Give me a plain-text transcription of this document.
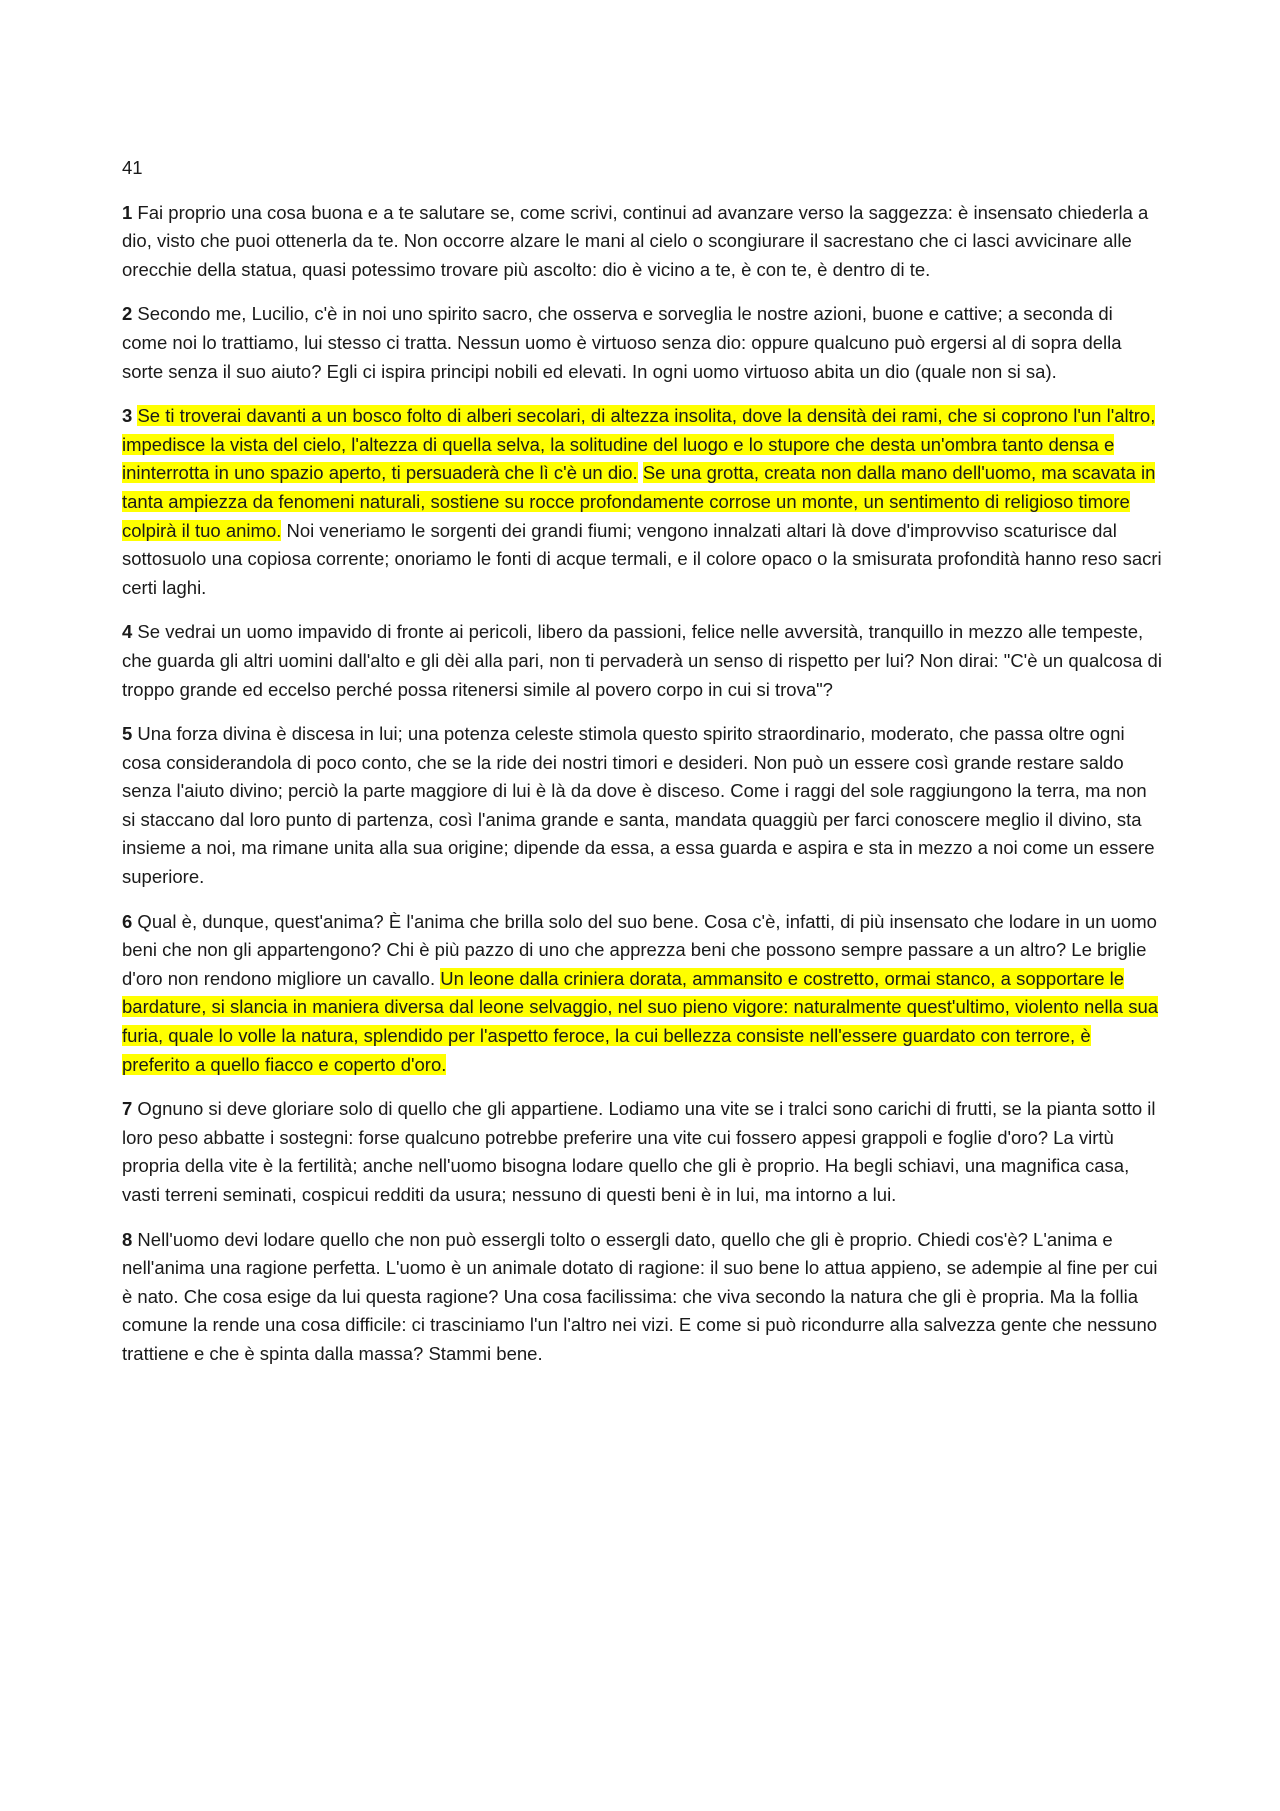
41

1 Fai proprio una cosa buona e a te salutare se, come scrivi, continui ad avanzare verso la saggezza: è insensato chiederla a dio, visto che puoi ottenerla da te. Non occorre alzare le mani al cielo o scongiurare il sacrestano che ci lasci avvicinare alle orecchie della statua, quasi potessimo trovare più ascolto: dio è vicino a te, è con te, è dentro di te.

2 Secondo me, Lucilio, c'è in noi uno spirito sacro, che osserva e sorveglia le nostre azioni, buone e cattive; a seconda di come noi lo trattiamo, lui stesso ci tratta. Nessun uomo è virtuoso senza dio: oppure qualcuno può ergersi al di sopra della sorte senza il suo aiuto? Egli ci ispira principi nobili ed elevati. In ogni uomo virtuoso abita un dio (quale non si sa).

3 Se ti troverai davanti a un bosco folto di alberi secolari, di altezza insolita, dove la densità dei rami, che si coprono l'un l'altro, impedisce la vista del cielo, l'altezza di quella selva, la solitudine del luogo e lo stupore che desta un'ombra tanto densa e ininterrotta in uno spazio aperto, ti persuaderà che lì c'è un dio. Se una grotta, creata non dalla mano dell'uomo, ma scavata in tanta ampiezza da fenomeni naturali, sostiene su rocce profondamente corrose un monte, un sentimento di religioso timore colpirà il tuo animo. Noi veneriamo le sorgenti dei grandi fiumi; vengono innalzati altari là dove d'improvviso scaturisce dal sottosuolo una copiosa corrente; onoriamo le fonti di acque termali, e il colore opaco o la smisurata profondità hanno reso sacri certi laghi.

4 Se vedrai un uomo impavido di fronte ai pericoli, libero da passioni, felice nelle avversità, tranquillo in mezzo alle tempeste, che guarda gli altri uomini dall'alto e gli dèi alla pari, non ti pervaderà un senso di rispetto per lui? Non dirai: "C'è un qualcosa di troppo grande ed eccelso perché possa ritenersi simile al povero corpo in cui si trova"?

5 Una forza divina è discesa in lui; una potenza celeste stimola questo spirito straordinario, moderato, che passa oltre ogni cosa considerandola di poco conto, che se la ride dei nostri timori e desideri. Non può un essere così grande restare saldo senza l'aiuto divino; perciò la parte maggiore di lui è là da dove è disceso. Come i raggi del sole raggiungono la terra, ma non si staccano dal loro punto di partenza, così l'anima grande e santa, mandata quaggiù per farci conoscere meglio il divino, sta insieme a noi, ma rimane unita alla sua origine; dipende da essa, a essa guarda e aspira e sta in mezzo a noi come un essere superiore.

6 Qual è, dunque, quest'anima? È l'anima che brilla solo del suo bene. Cosa c'è, infatti, di più insensato che lodare in un uomo beni che non gli appartengono? Chi è più pazzo di uno che apprezza beni che possono sempre passare a un altro? Le briglie d'oro non rendono migliore un cavallo. Un leone dalla criniera dorata, ammansito e costretto, ormai stanco, a sopportare le bardature, si slancia in maniera diversa dal leone selvaggio, nel suo pieno vigore: naturalmente quest'ultimo, violento nella sua furia, quale lo volle la natura, splendido per l'aspetto feroce, la cui bellezza consiste nell'essere guardato con terrore, è preferito a quello fiacco e coperto d'oro.

7 Ognuno si deve gloriare solo di quello che gli appartiene. Lodiamo una vite se i tralci sono carichi di frutti, se la pianta sotto il loro peso abbatte i sostegni: forse qualcuno potrebbe preferire una vite cui fossero appesi grappoli e foglie d'oro? La virtù propria della vite è la fertilità; anche nell'uomo bisogna lodare quello che gli è proprio. Ha begli schiavi, una magnifica casa, vasti terreni seminati, cospicui redditi da usura; nessuno di questi beni è in lui, ma intorno a lui.

8 Nell'uomo devi lodare quello che non può essergli tolto o essergli dato, quello che gli è proprio. Chiedi cos'è? L'anima e nell'anima una ragione perfetta. L'uomo è un animale dotato di ragione: il suo bene lo attua appieno, se adempie al fine per cui è nato. Che cosa esige da lui questa ragione? Una cosa facilissima: che viva secondo la natura che gli è propria. Ma la follia comune la rende una cosa difficile: ci trasciniamo l'un l'altro nei vizi. E come si può ricondurre alla salvezza gente che nessuno trattiene e che è spinta dalla massa? Stammi bene.
